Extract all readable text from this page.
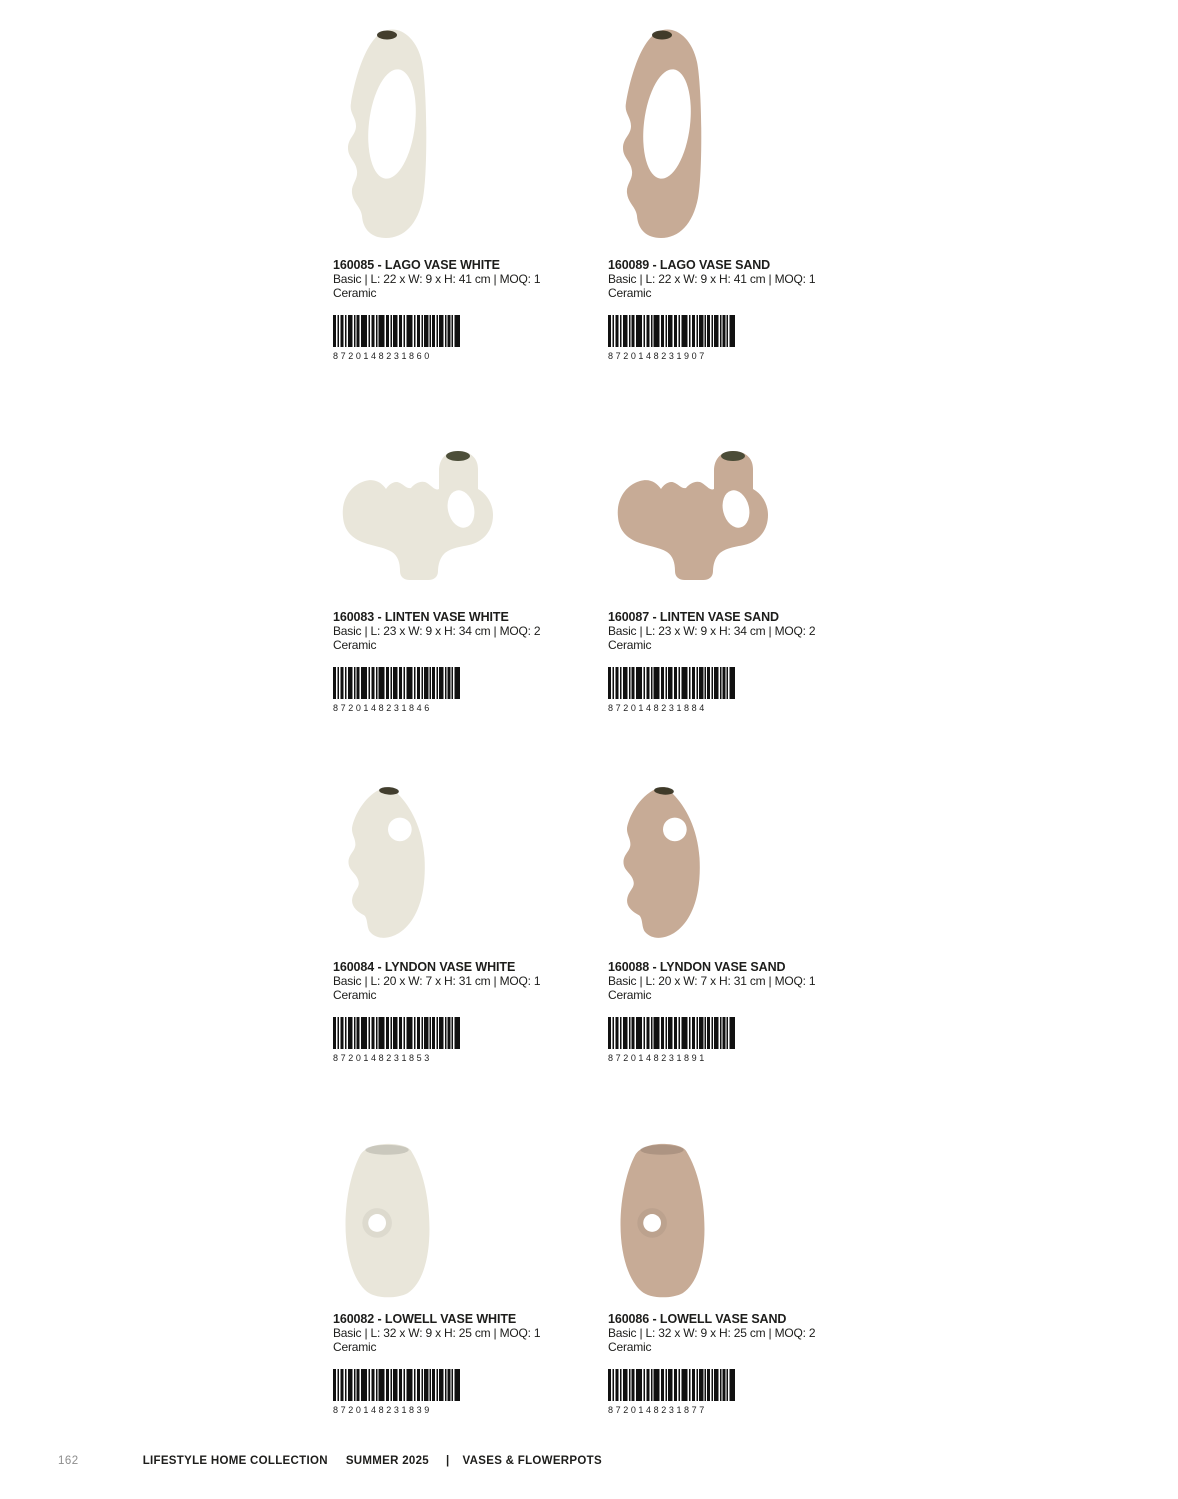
160085 - LAGO VASE WHITE
Basic | L: 22 x W: 9 x H: 41 cm | MOQ: 1
Ceramic
8720148231860
160089 - LAGO VASE SAND
Basic | L: 22 x W: 9 x H: 41 cm | MOQ: 1
Ceramic
8720148231907
160083 - LINTEN VASE WHITE
Basic | L: 23 x W: 9 x H: 34 cm | MOQ: 2
Ceramic
8720148231846
160087 - LINTEN VASE SAND
Basic | L: 23 x W: 9 x H: 34 cm | MOQ: 2
Ceramic
8720148231884
160084 - LYNDON VASE WHITE
Basic | L: 20 x W: 7 x H: 31 cm | MOQ: 1
Ceramic
8720148231853
160088 - LYNDON VASE SAND
Basic | L: 20 x W: 7 x H: 31 cm | MOQ: 1
Ceramic
8720148231891
160082 - LOWELL VASE WHITE
Basic | L: 32 x W: 9 x H: 25 cm | MOQ: 1
Ceramic
8720148231839
160086 - LOWELL VASE SAND
Basic | L: 32 x W: 9 x H: 25 cm | MOQ: 2
Ceramic
8720148231877
162	LIFESTYLE HOME COLLECTION SUMMER 2025 | VASES & FLOWERPOTS
